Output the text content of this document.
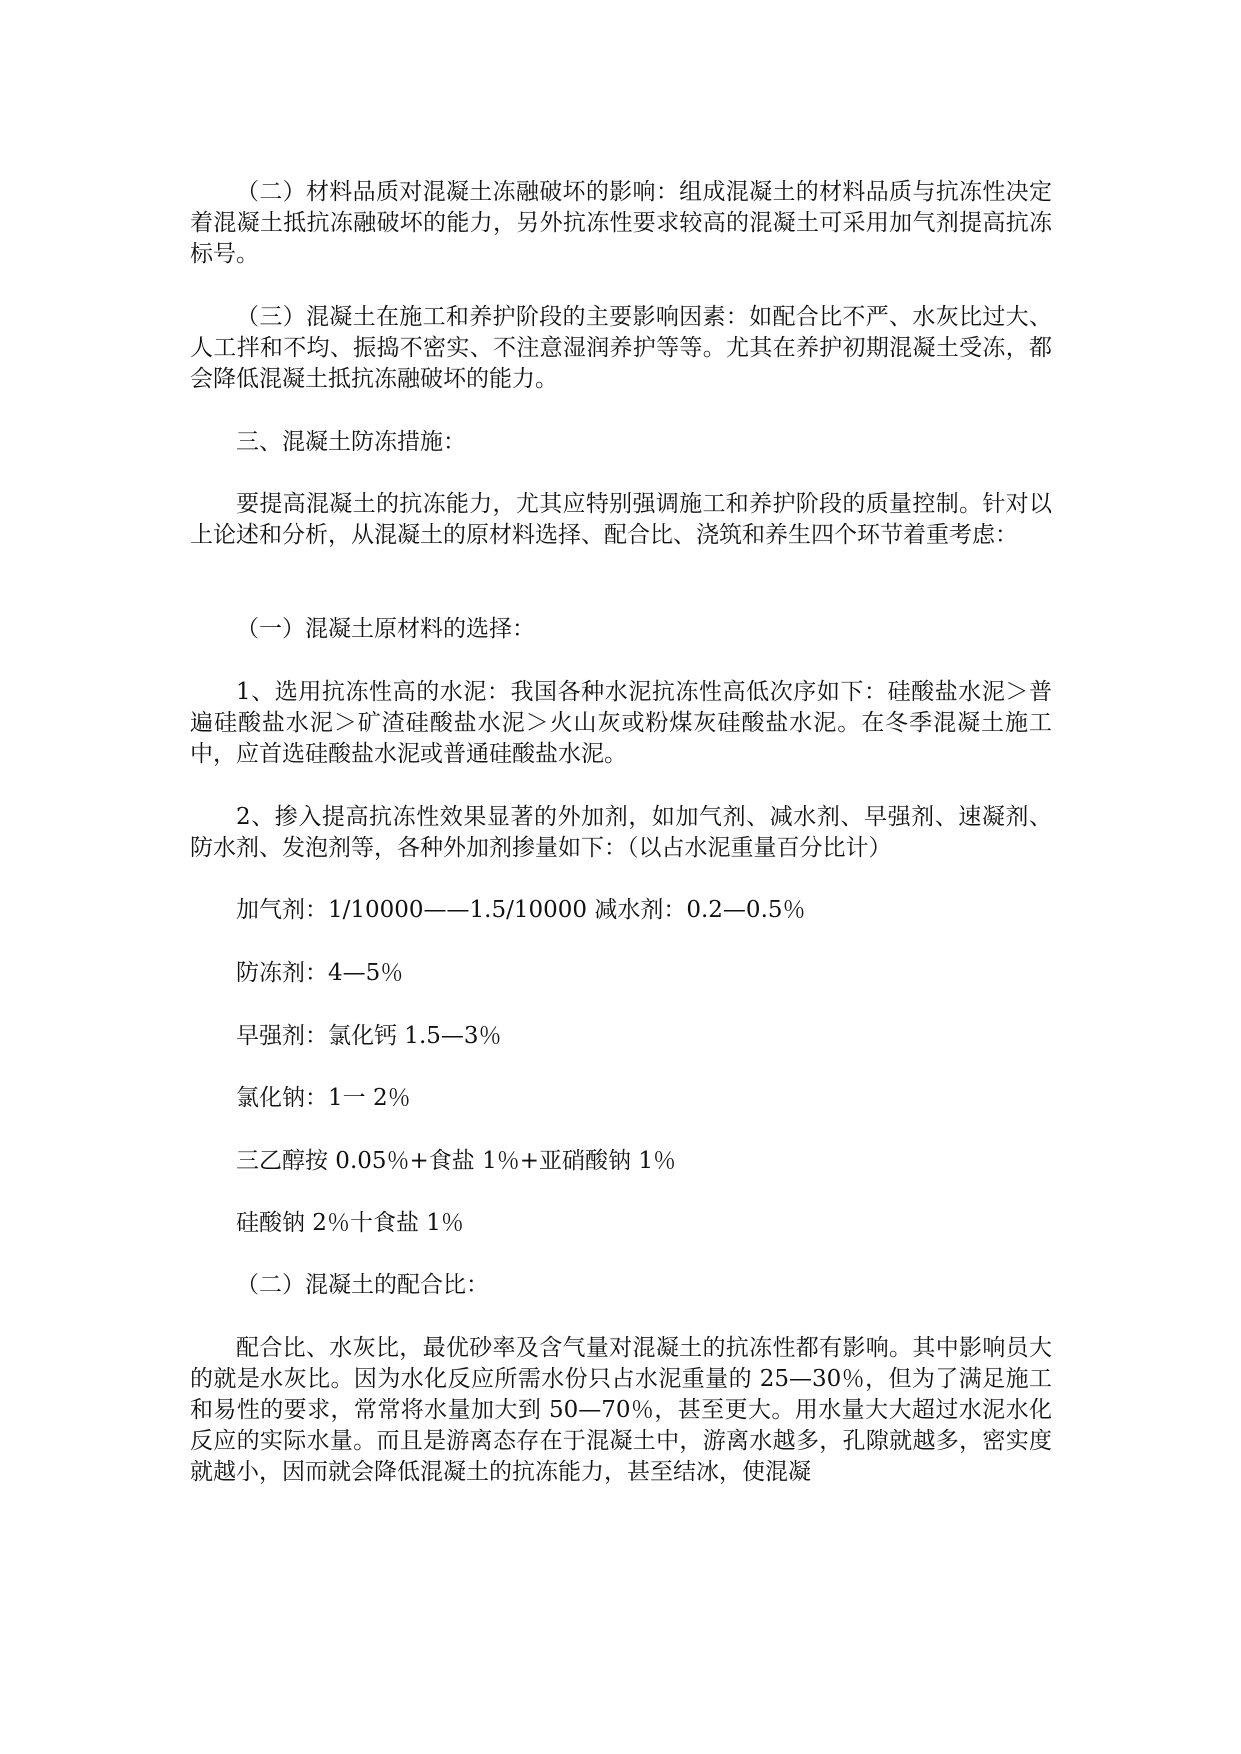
（二）材料品质对混凝土冻融破坏的影响：组成混凝土的材料品质与抗冻性决定着混凝土抵抗冻融破坏的能力，另外抗冻性要求较高的混凝土可采用加气剂提高抗冻标号。

（三）混凝土在施工和养护阶段的主要影响因素：如配合比不严、水灰比过大、人工拌和不均、振捣不密实、不注意湿润养护等等。尤其在养护初期混凝土受冻，都会降低混凝土抵抗冻融破坏的能力。

三、混凝土防冻措施：

要提高混凝土的抗冻能力，尤其应特别强调施工和养护阶段的质量控制。针对以上论述和分析，从混凝土的原材料选择、配合比、浇筑和养生四个环节着重考虑：

（一）混凝土原材料的选择：

1、选用抗冻性高的水泥：我国各种水泥抗冻性高低次序如下：硅酸盐水泥＞普遍硅酸盐水泥＞矿渣硅酸盐水泥＞火山灰或粉煤灰硅酸盐水泥。在冬季混凝土施工中，应首选硅酸盐水泥或普通硅酸盐水泥。

2、掺入提高抗冻性效果显著的外加剂，如加气剂、减水剂、早强剂、速凝剂、防水剂、发泡剂等，各种外加剂掺量如下：（以占水泥重量百分比计）

加气剂：1/10000——1.5/10000 减水剂：0.2—0.5％

防冻剂：4—5％

早强剂：氯化钙 1.5—3％

氯化钠：1一 2％

三乙醇按 0.05％+食盐 1％+亚硝酸钠 1％

硅酸钠 2％十食盐 1％

（二）混凝土的配合比：

配合比、水灰比，最优砂率及含气量对混凝土的抗冻性都有影响。其中影响员大的就是水灰比。因为水化反应所需水份只占水泥重量的 25—30％，但为了满足施工和易性的要求，常常将水量加大到 50—70％，甚至更大。用水量大大超过水泥水化反应的实际水量。而且是游离态存在于混凝土中，游离水越多，孔隙就越多，密实度就越小，因而就会降低混凝土的抗冻能力，甚至结冰，使混凝
